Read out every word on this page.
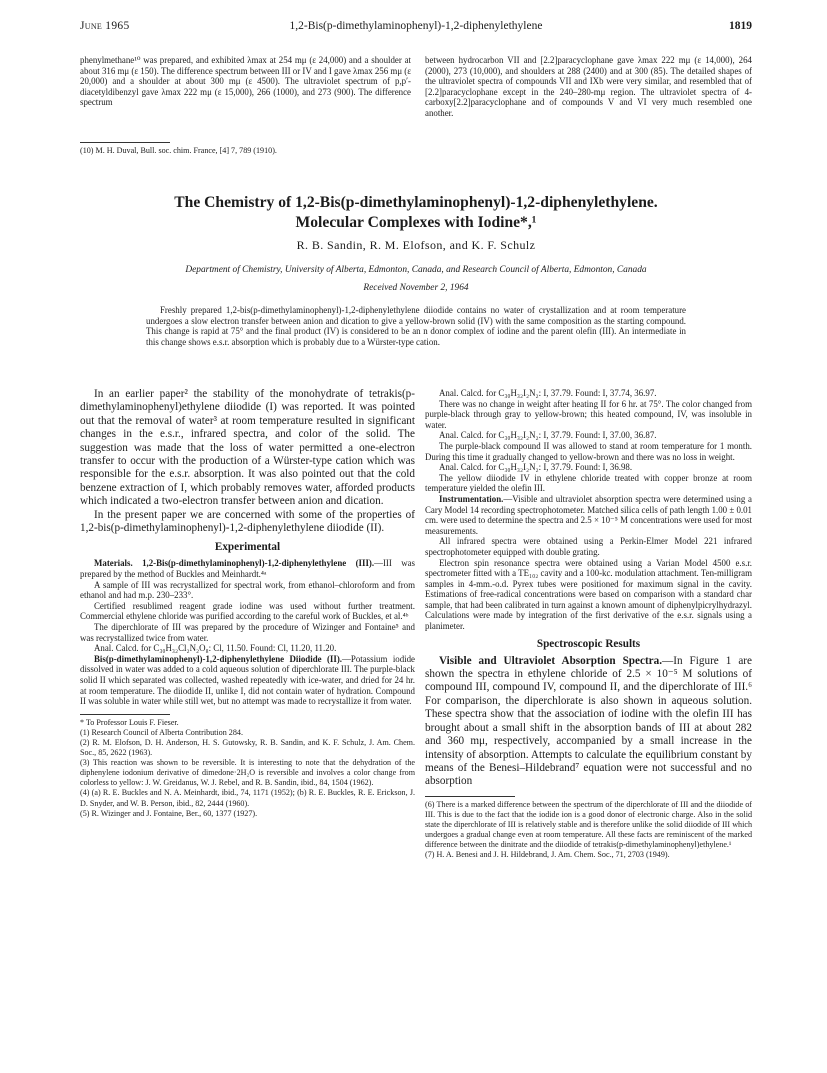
June 1965	1,2-Bis(p-dimethylaminophenyl)-1,2-diphenylethylene	1819

phenylmethane¹⁰ was prepared, and exhibited λmax at 254 mμ (ε 24,000) and a shoulder at about 316 mμ (ε 150). The difference spectrum between III or IV and I gave λmax 256 mμ (ε 20,000) and a shoulder at about 300 mμ (ε 4500). The ultraviolet spectrum of p,p′-diacetyldibenzyl gave λmax 222 mμ (ε 15,000), 266 (1000), and 273 (900). The difference spectrum

(10) M. H. Duval, Bull. soc. chim. France, [4] 7, 789 (1910).

between hydrocarbon VII and [2.2]paracyclophane gave λmax 222 mμ (ε 14,000), 264 (2000), 273 (10,000), and shoulders at 288 (2400) and at 300 (85). The detailed shapes of the ultraviolet spectra of compounds VII and IXb were very similar, and resembled that of [2.2]paracyclophane except in the 240–280-mμ region. The ultraviolet spectra of 4-carboxy[2.2]paracyclophane and of compounds V and VI very much resembled one another.

The Chemistry of 1,2-Bis(p-dimethylaminophenyl)-1,2-diphenylethylene.
Molecular Complexes with Iodine*,¹
R. B. Sandin, R. M. Elofson, and K. F. Schulz
Department of Chemistry, University of Alberta, Edmonton, Canada, and Research Council of Alberta, Edmonton, Canada
Received November 2, 1964
Freshly prepared 1,2-bis(p-dimethylaminophenyl)-1,2-diphenylethylene diiodide contains no water of crystallization and at room temperature undergoes a slow electron transfer between anion and dication to give a yellow-brown solid (IV) with the same composition as the starting compound. This change is rapid at 75° and the final product (IV) is considered to be an n donor complex of iodine and the parent olefin (III). An intermediate in this change shows e.s.r. absorption which is probably due to a Würster-type cation.

In an earlier paper² the stability of the monohydrate of tetrakis(p-dimethylaminophenyl)ethylene diiodide (I) was reported. It was pointed out that the removal of water³ at room temperature resulted in significant changes in the e.s.r., infrared spectra, and color of the solid. The suggestion was made that the loss of water permitted a one-electron transfer to occur with the production of a Würster-type cation which was responsible for the e.s.r. absorption. It was also pointed out that the cold benzene extraction of I, which probably removes water, afforded products which indicated a two-electron transfer between anion and dication.

In the present paper we are concerned with some of the properties of 1,2-bis(p-dimethylaminophenyl)-1,2-diphenylethylene diiodide (II).

Experimental

Materials. 1,2-Bis(p-dimethylaminophenyl)-1,2-diphenylethylene (III).—III was prepared by the method of Buckles and Meinhardt.⁴ᵃ

A sample of III was recrystallized for spectral work, from ethanol–chloroform and from ethanol and had m.p. 230–233°.

Certified resublimed reagent grade iodine was used without further treatment. Commercial ethylene chloride was purified according to the careful work of Buckles, et al.⁴ᵇ

The diperchlorate of III was prepared by the procedure of Wizinger and Fontaine⁵ and was recrystallized twice from water.

Anal. Calcd. for C₃₀H₃₂Cl₂N₂O₈: Cl, 11.50. Found: Cl, 11.20, 11.20.

Bis(p-dimethylaminophenyl)-1,2-diphenylethylene Diiodide (II).—Potassium iodide dissolved in water was added to a cold aqueous solution of diperchlorate III. The purple-black solid II which separated was collected, washed repeatedly with ice-water, and dried for 24 hr. at room temperature. The diiodide II, unlike I, did not contain water of hydration. Compound II was soluble in water while still wet, but no attempt was made to recrystallize it from water.

* To Professor Louis F. Fieser.

(1) Research Council of Alberta Contribution 284.

(2) R. M. Elofson, D. H. Anderson, H. S. Gutowsky, R. B. Sandin, and K. F. Schulz, J. Am. Chem. Soc., 85, 2622 (1963).

(3) This reaction was shown to be reversible. It is interesting to note that the dehydration of the diphenylene iodonium derivative of dimedone·2H₂O is reversible and involves a color change from colorless to yellow: J. W. Greidanus, W. J. Rebel, and R. B. Sandin, ibid., 84, 1504 (1962).

(4) (a) R. E. Buckles and N. A. Meinhardt, ibid., 74, 1171 (1952); (b) R. E. Buckles, R. E. Erickson, J. D. Snyder, and W. B. Person, ibid., 82, 2444 (1960).

(5) R. Wizinger and J. Fontaine, Ber., 60, 1377 (1927).

Anal. Calcd. for C₃₀H₃₂I₂N₂: I, 37.79. Found: I, 37.74, 36.97.

There was no change in weight after heating II for 6 hr. at 75°. The color changed from purple-black through gray to yellow-brown; this heated compound, IV, was insoluble in water.

Anal. Calcd. for C₃₀H₃₂I₂N₂: I, 37.79. Found: I, 37.00, 36.87.

The purple-black compound II was allowed to stand at room temperature for 1 month. During this time it gradually changed to yellow-brown and there was no loss in weight.

Anal. Calcd. for C₃₀H₃₂I₂N₂: I, 37.79. Found: I, 36.98.

The yellow diiodide IV in ethylene chloride treated with copper bronze at room temperature yielded the olefin III.

Instrumentation.—Visible and ultraviolet absorption spectra were determined using a Cary Model 14 recording spectrophotometer. Matched silica cells of path length 1.00 ± 0.01 cm. were used to determine the spectra and 2.5 × 10⁻⁵ M concentrations were used for most measurements.

All infrared spectra were obtained using a Perkin-Elmer Model 221 infrared spectrophotometer equipped with double grating.

Electron spin resonance spectra were obtained using a Varian Model 4500 e.s.r. spectrometer fitted with a TE₁₀₂ cavity and a 100-kc. modulation attachment. Ten-milligram samples in 4-mm.-o.d. Pyrex tubes were positioned for maximum signal in the cavity. Estimations of free-radical concentrations were based on comparison with a standard char sample, that had been calibrated in turn against a known amount of diphenylpicrylhydrazyl. Calculations were made by integration of the first derivative of the e.s.r. signals using a planimeter.

Spectroscopic Results

Visible and Ultraviolet Absorption Spectra.—In Figure 1 are shown the spectra in ethylene chloride of 2.5 × 10⁻⁵ M solutions of compound III, compound IV, compound II, and the diperchlorate of III.⁶ For comparison, the diperchlorate is also shown in aqueous solution. These spectra show that the association of iodine with the olefin III has brought about a small shift in the absorption bands of III at about 282 and 360 mμ, respectively, accompanied by a small increase in the intensity of absorption. Attempts to calculate the equilibrium constant by means of the Benesi–Hildebrand⁷ equation were not successful and no absorption

(6) There is a marked difference between the spectrum of the diperchlorate of III and the diiodide of III. This is due to the fact that the iodide ion is a good donor of electronic charge. Also in the solid state the diperchlorate of III is relatively stable and is therefore unlike the solid diiodide of III which undergoes a gradual change even at room temperature. All these facts are reminiscent of the marked difference between the dinitrate and the diiodide of tetrakis(p-dimethylaminophenyl)ethylene.¹

(7) H. A. Benesi and J. H. Hildebrand, J. Am. Chem. Soc., 71, 2703 (1949).
